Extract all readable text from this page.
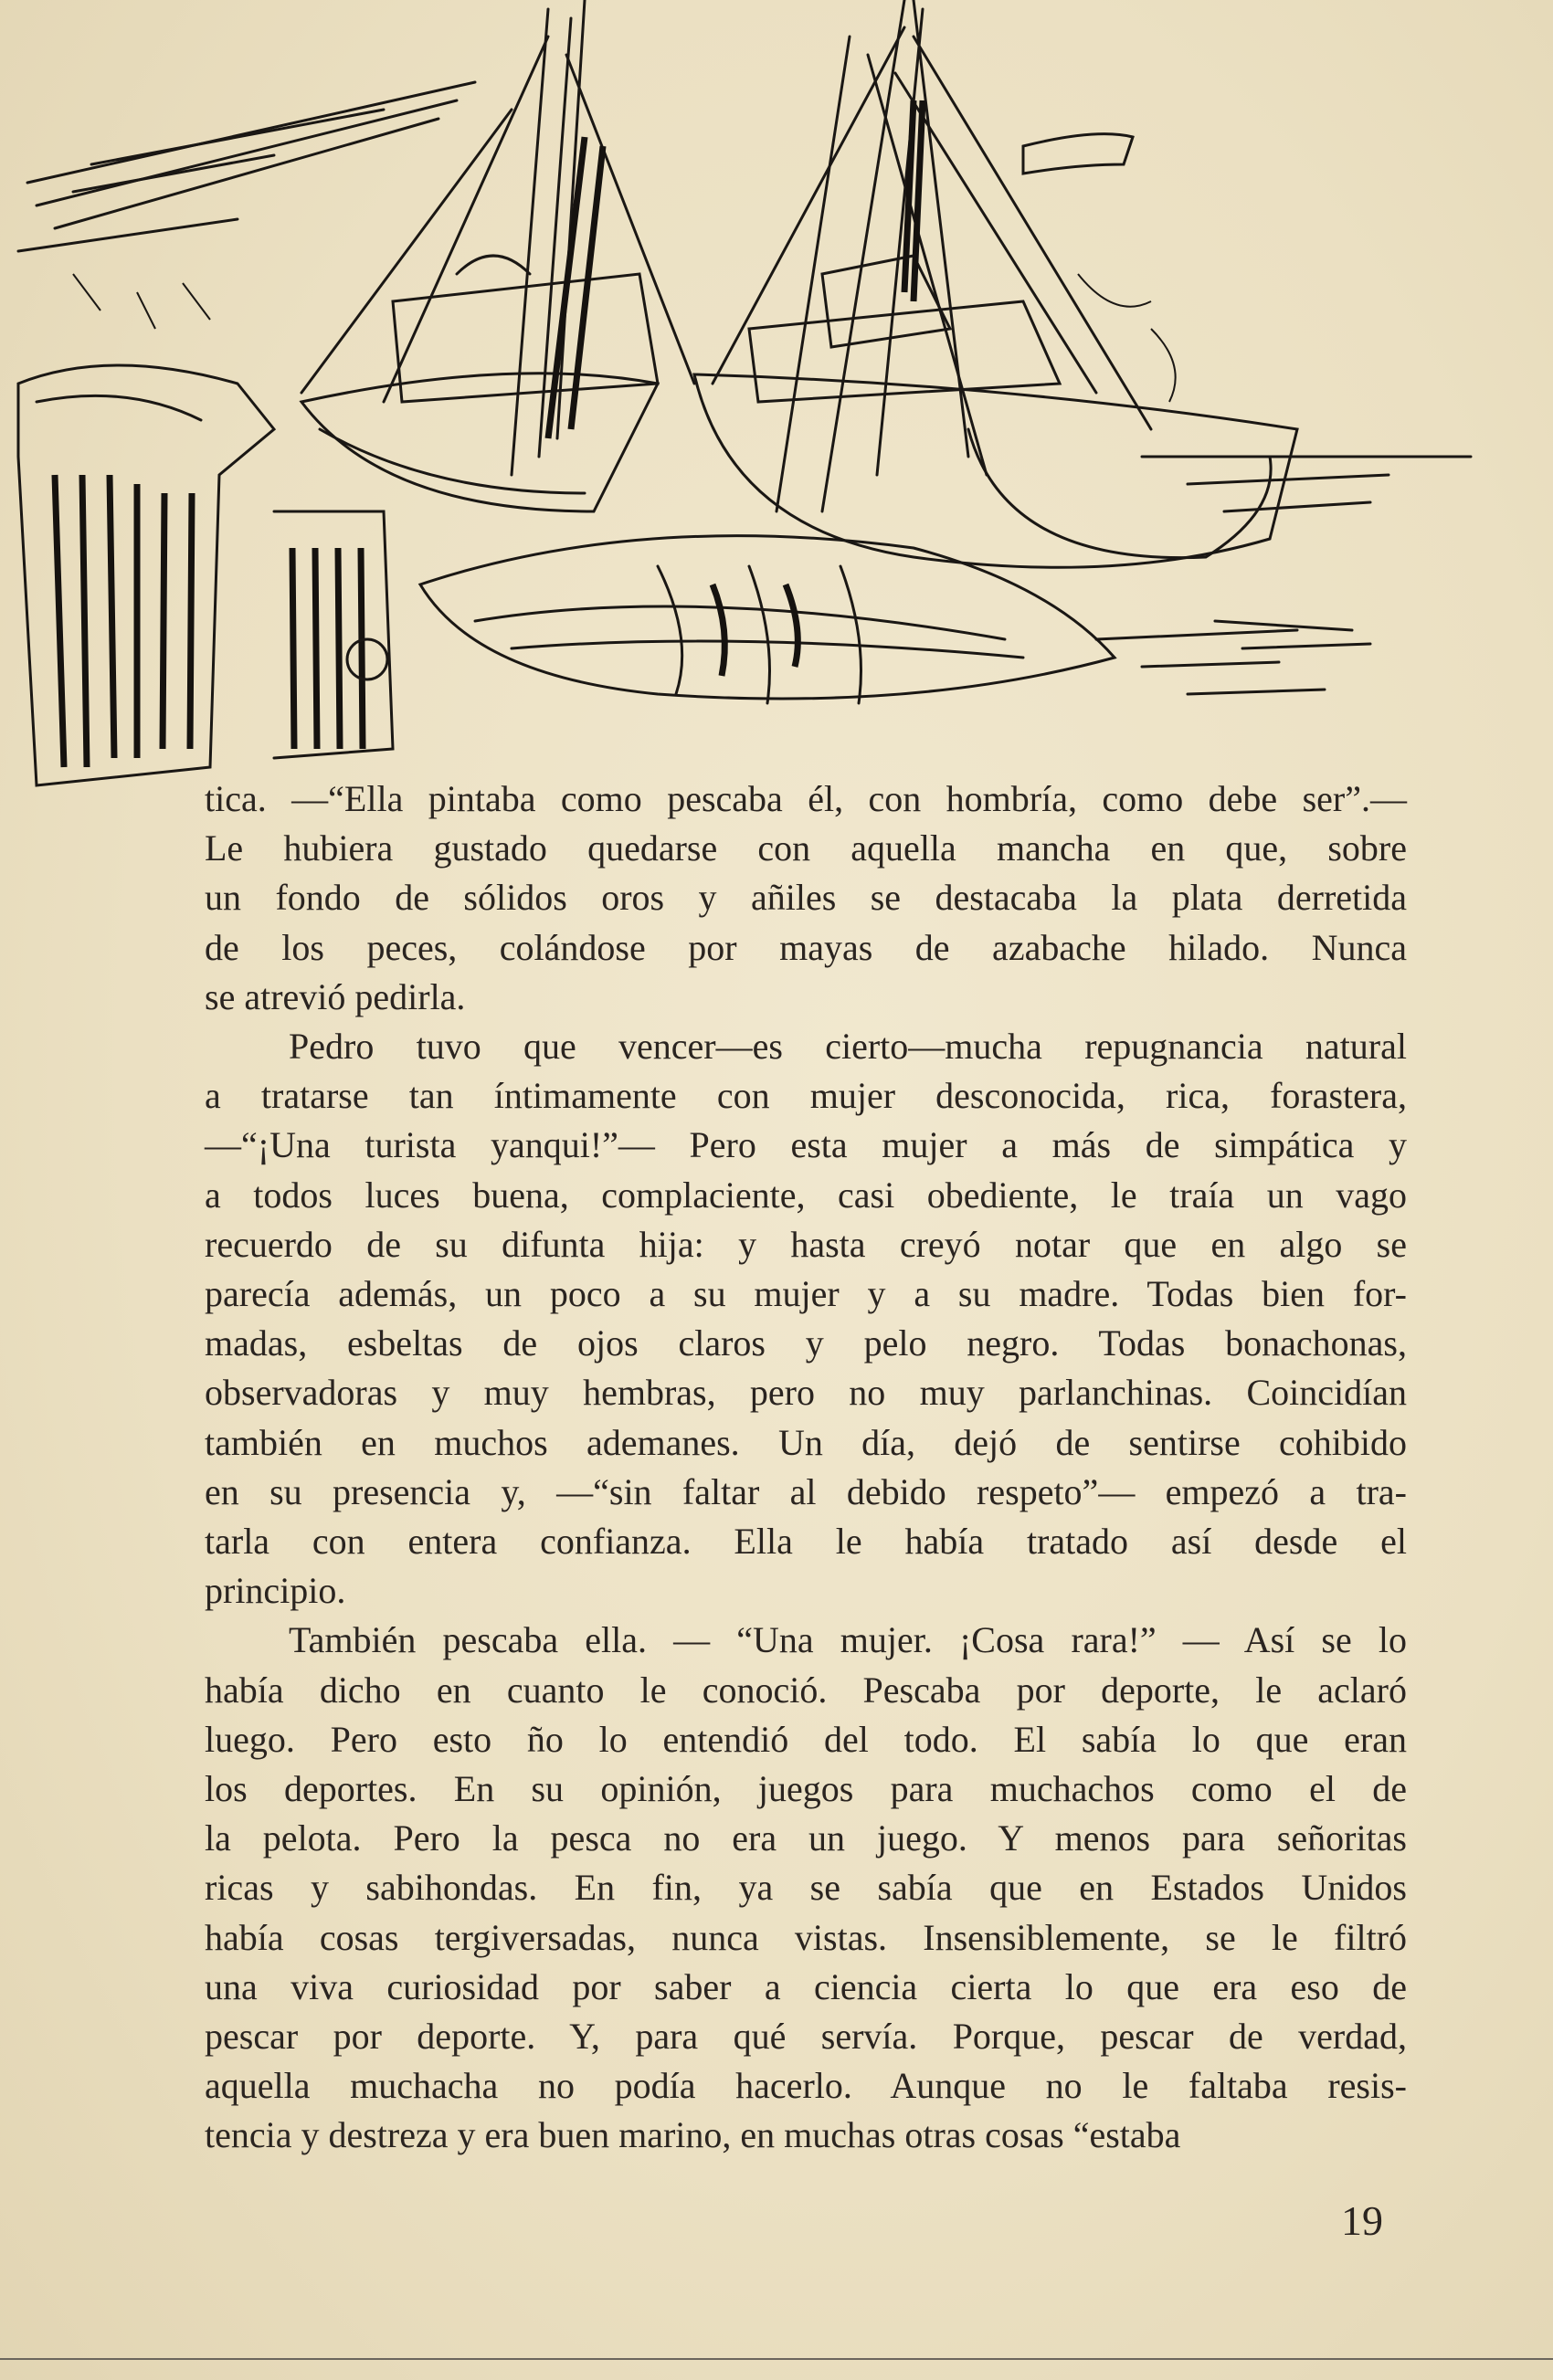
tica. —“Ella pintaba como pescaba él, con hombría, como debe ser”.—
Le hubiera gustado quedarse con aquella mancha en que, sobre
un fondo de sólidos oros y añiles se destacaba la plata derretida
de los peces, colándose por mayas de azabache hilado. Nunca
se atrevió pedirla.

Pedro tuvo que vencer—es cierto—mucha repugnancia natural
a tratarse tan íntimamente con mujer desconocida, rica, forastera,
—“¡Una turista yanqui!”— Pero esta mujer a más de simpática y
a todos luces buena, complaciente, casi obediente, le traía un vago
recuerdo de su difunta hija: y hasta creyó notar que en algo se
parecía además, un poco a su mujer y a su madre. Todas bien for-
madas, esbeltas de ojos claros y pelo negro. Todas bonachonas,
observadoras y muy hembras, pero no muy parlanchinas. Coincidían
también en muchos ademanes. Un día, dejó de sentirse cohibido
en su presencia y, —“sin faltar al debido respeto”— empezó a tra-
tarla con entera confianza. Ella le había tratado así desde el
principio.

También pescaba ella. — “Una mujer. ¡Cosa rara!” — Así se lo
había dicho en cuanto le conoció. Pescaba por deporte, le aclaró
luego. Pero esto ño lo entendió del todo. El sabía lo que eran
los deportes. En su opinión, juegos para muchachos como el de
la pelota. Pero la pesca no era un juego. Y menos para señoritas
ricas y sabihondas. En fin, ya se sabía que en Estados Unidos
había cosas tergiversadas, nunca vistas. Insensiblemente, se le filtró
una viva curiosidad por saber a ciencia cierta lo que era eso de
pescar por deporte. Y, para qué servía. Porque, pescar de verdad,
aquella muchacha no podía hacerlo. Aunque no le faltaba resis-
tencia y destreza y era buen marino, en muchas otras cosas “estaba

19
